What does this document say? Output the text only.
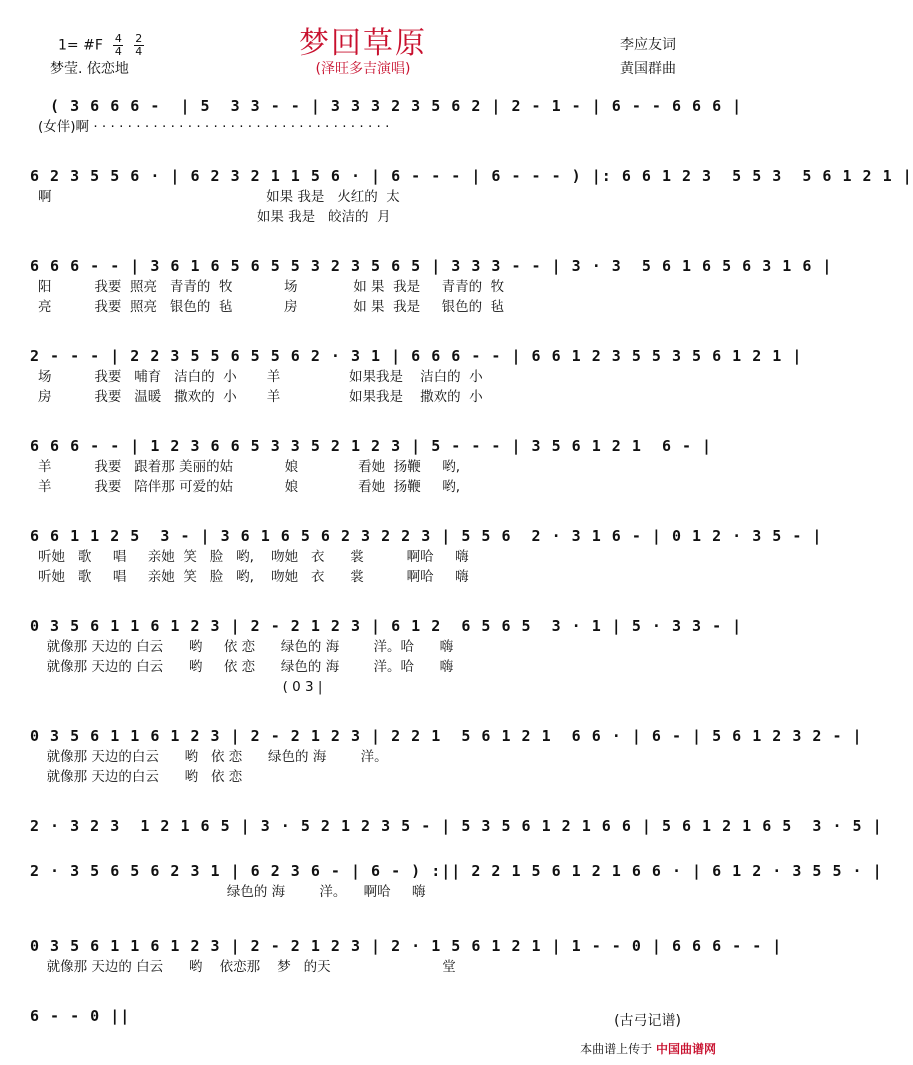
梦回草原
(泽旺多吉演唱)
1= #F $\frac{4}{4} \frac{2}{4}$
梦莹. 依恋地
李应友词
黄国群曲
( 3 6 6 6 -  | 5  3 3 - - | 3 3 3 2 3 5 6 2 | 2 - 1 - | 6 - - 6 6 6 |
(女伴)啊 · · · · · · · · · · · · · · · · · · · · · · · · · · · · · · · · · · ·
6 2 3 5 5 6 · | 6 2 3 2 1 1 5 6 · | 6 - - - | 6 - - - ) |: 6 6 1 2 3  5 5 3  5 6 1 2 1 |
啊                                                  如果 我是   火红的  太
如果 我是   皎洁的  月
6 6 6 - - | 3 6 1 6 5 6 5 5 3 2 3 5 6 5 | 3 3 3 - - | 3 · 3  5 6 1 6 5 6 3 1 6 |
阳          我要  照亮   青青的  牧            场             如 果  我是     青青的  牧
亮          我要  照亮   银色的  毡            房             如 果  我是     银色的  毡
2 - - - | 2 2 3 5 5 6 5 5 6 2 · 3 1 | 6 6 6 - - | 6 6 1 2 3 5 5 3 5 6 1 2 1 |
场          我要   哺育   洁白的  小       羊                如果我是    洁白的  小
房          我要   温暖   撒欢的  小       羊                如果我是    撒欢的  小
6 6 6 - - | 1 2 3 6 6 5 3 3 5 2 1 2 3 | 5 - - - | 3 5 6 1 2 1  6 - |
羊          我要   跟着那 美丽的姑            娘              看她  扬鞭     哟,
羊          我要   陪伴那 可爱的姑            娘              看她  扬鞭     哟,
6 6 1 1 2 5  3 - | 3 6 1 6 5 6 2 3 2 2 3 | 5 5 6  2 · 3 1 6 - | 0 1 2 · 3 5 - |
听她   歌     唱     亲她  笑   脸   哟,    吻她   衣      裳          啊哈     嗨
听她   歌     唱     亲她  笑   脸   哟,    吻她   衣      裳          啊哈     嗨
0 3 5 6 1 1 6 1 2 3 | 2 - 2 1 2 3 | 6 1 2  6 5 6 5  3 · 1 | 5 · 3 3 - |
就像那 天边的 白云      哟     依 恋      绿色的 海        洋。哈      嗨
就像那 天边的 白云      哟     依 恋      绿色的 海        洋。哈      嗨
( 0 3 |
0 3 5 6 1 1 6 1 2 3 | 2 - 2 1 2 3 | 2 2 1  5 6 1 2 1  6 6 · | 6 - | 5 6 1 2 3 2 - |
就像那 天边的白云      哟   依 恋      绿色的 海        洋。
就像那 天边的白云      哟   依 恋
2 · 3 2 3  1 2 1 6 5 | 3 · 5 2 1 2 3 5 - | 5 3 5 6 1 2 1 6 6 | 5 6 1 2 1 6 5  3 · 5 |
2 · 3 5 6 5 6 2 3 1 | 6 2 3 6 - | 6 - ) :|| 2 2 1 5 6 1 2 1 6 6 · | 6 1 2 · 3 5 5 · |
绿色的 海        洋。    啊哈     嗨
0 3 5 6 1 1 6 1 2 3 | 2 - 2 1 2 3 | 2 · 1 5 6 1 2 1 | 1 - - 0 | 6 6 6 - - |
就像那 天边的 白云      哟    依恋那    梦   的天                          堂
6 - - 0 ||	(古弓记谱)
本曲谱上传于 中国曲谱网
